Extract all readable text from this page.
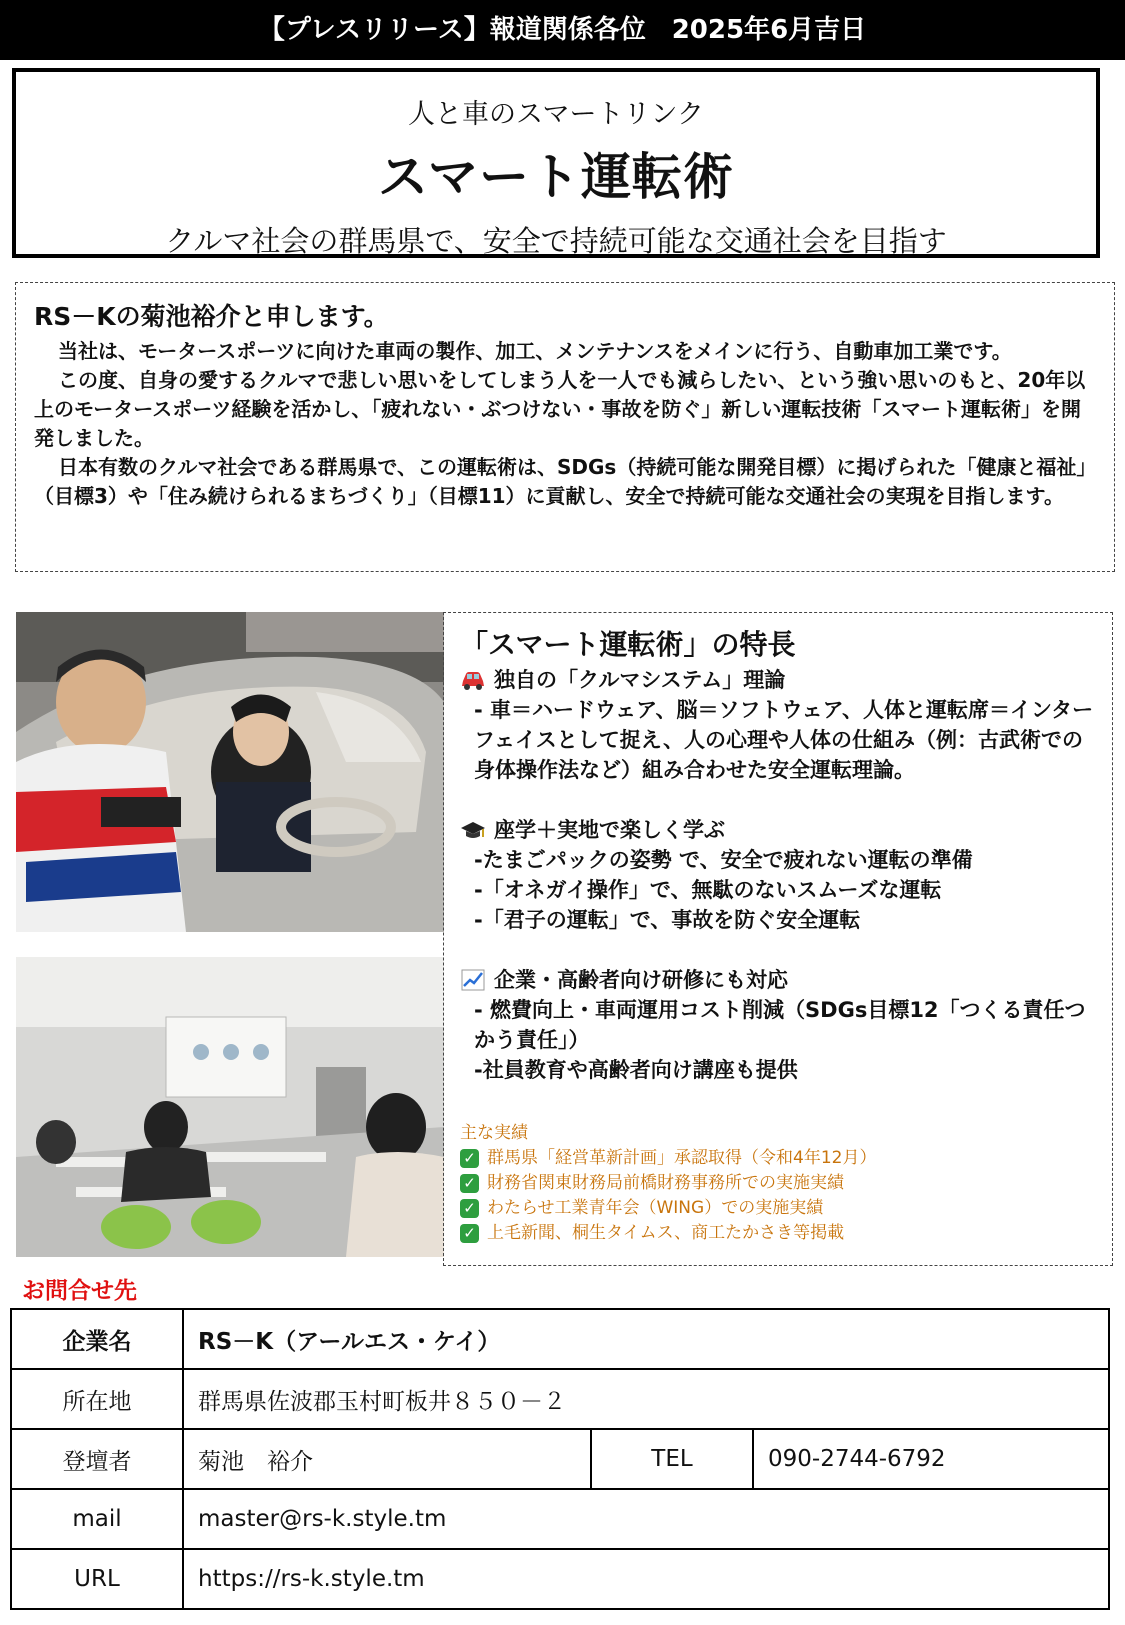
【プレスリリース】報道関係各位　2025年6月吉日
人と車のスマートリンク
スマート運転術
クルマ社会の群馬県で、安全で持続可能な交通社会を目指す
RS－Kの菊池裕介と申します。

当社は、モータースポーツに向けた車両の製作、加工、メンテナンスをメインに行う、自動車加工業です。

この度、自身の愛するクルマで悲しい思いをしてしまう人を一人でも減らしたい、という強い思いのもと、20年以上のモータースポーツ経験を活かし、「疲れない・ぶつけない・事故を防ぐ」新しい運転技術「スマート運転術」を開発しました。

日本有数のクルマ社会である群馬県で、この運転術は、SDGs（持続可能な開発目標）に掲げられた「健康と福祉」（目標3）や「住み続けられるまちづくり」（目標11）に貢献し、安全で持続可能な交通社会の実現を目指します。

「スマート運転術」の特長
独自の「クルマシステム」理論
- 車＝ハードウェア、脳＝ソフトウェア、人体と運転席＝インターフェイスとして捉え、人の心理や人体の仕組み（例：古武術での身体操作法など）組み合わせた安全運転理論。
座学＋実地で楽しく学ぶ
-たまごパックの姿勢 で、安全で疲れない運転の準備
-「オネガイ操作」で、無駄のないスムーズな運転
-「君子の運転」で、事故を防ぐ安全運転
企業・高齢者向け研修にも対応
- 燃費向上・車両運用コスト削減（SDGs目標12「つくる責任つかう責任」）
-社員教育や高齢者向け講座も提供
主な実績
✓ 群馬県「経営革新計画」承認取得（令和4年12月）
✓ 財務省関東財務局前橋財務事務所での実施実績
✓ わたらせ工業青年会（WING）での実施実績
✓ 上毛新聞、桐生タイムス、商工たかさき等掲載
お問合せ先
企業名	RS－K（アールエス・ケイ）		
所在地	群馬県佐波郡玉村町板井８５０－２		
登壇者	菊池　裕介	TEL	090-2744-6792
mail	master@rs-k.style.tm		
URL	https://rs-k.style.tm		
